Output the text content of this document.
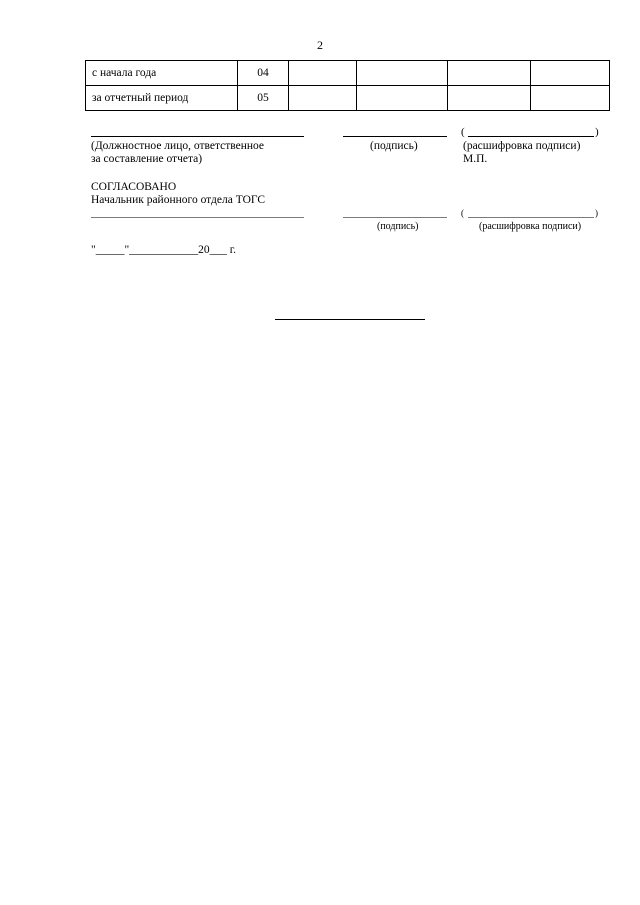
2
с начала года	04				
за отчетный период	05				
(	)
(Должностное лицо, ответственное
за составление отчета)
(подпись)	(расшифровка подписи)
М.П.
СОГЛАСОВАНО
Начальник районного отдела ТОГС
(	)
(подпись)	(расшифровка подписи)
"_____"____________20___ г.
